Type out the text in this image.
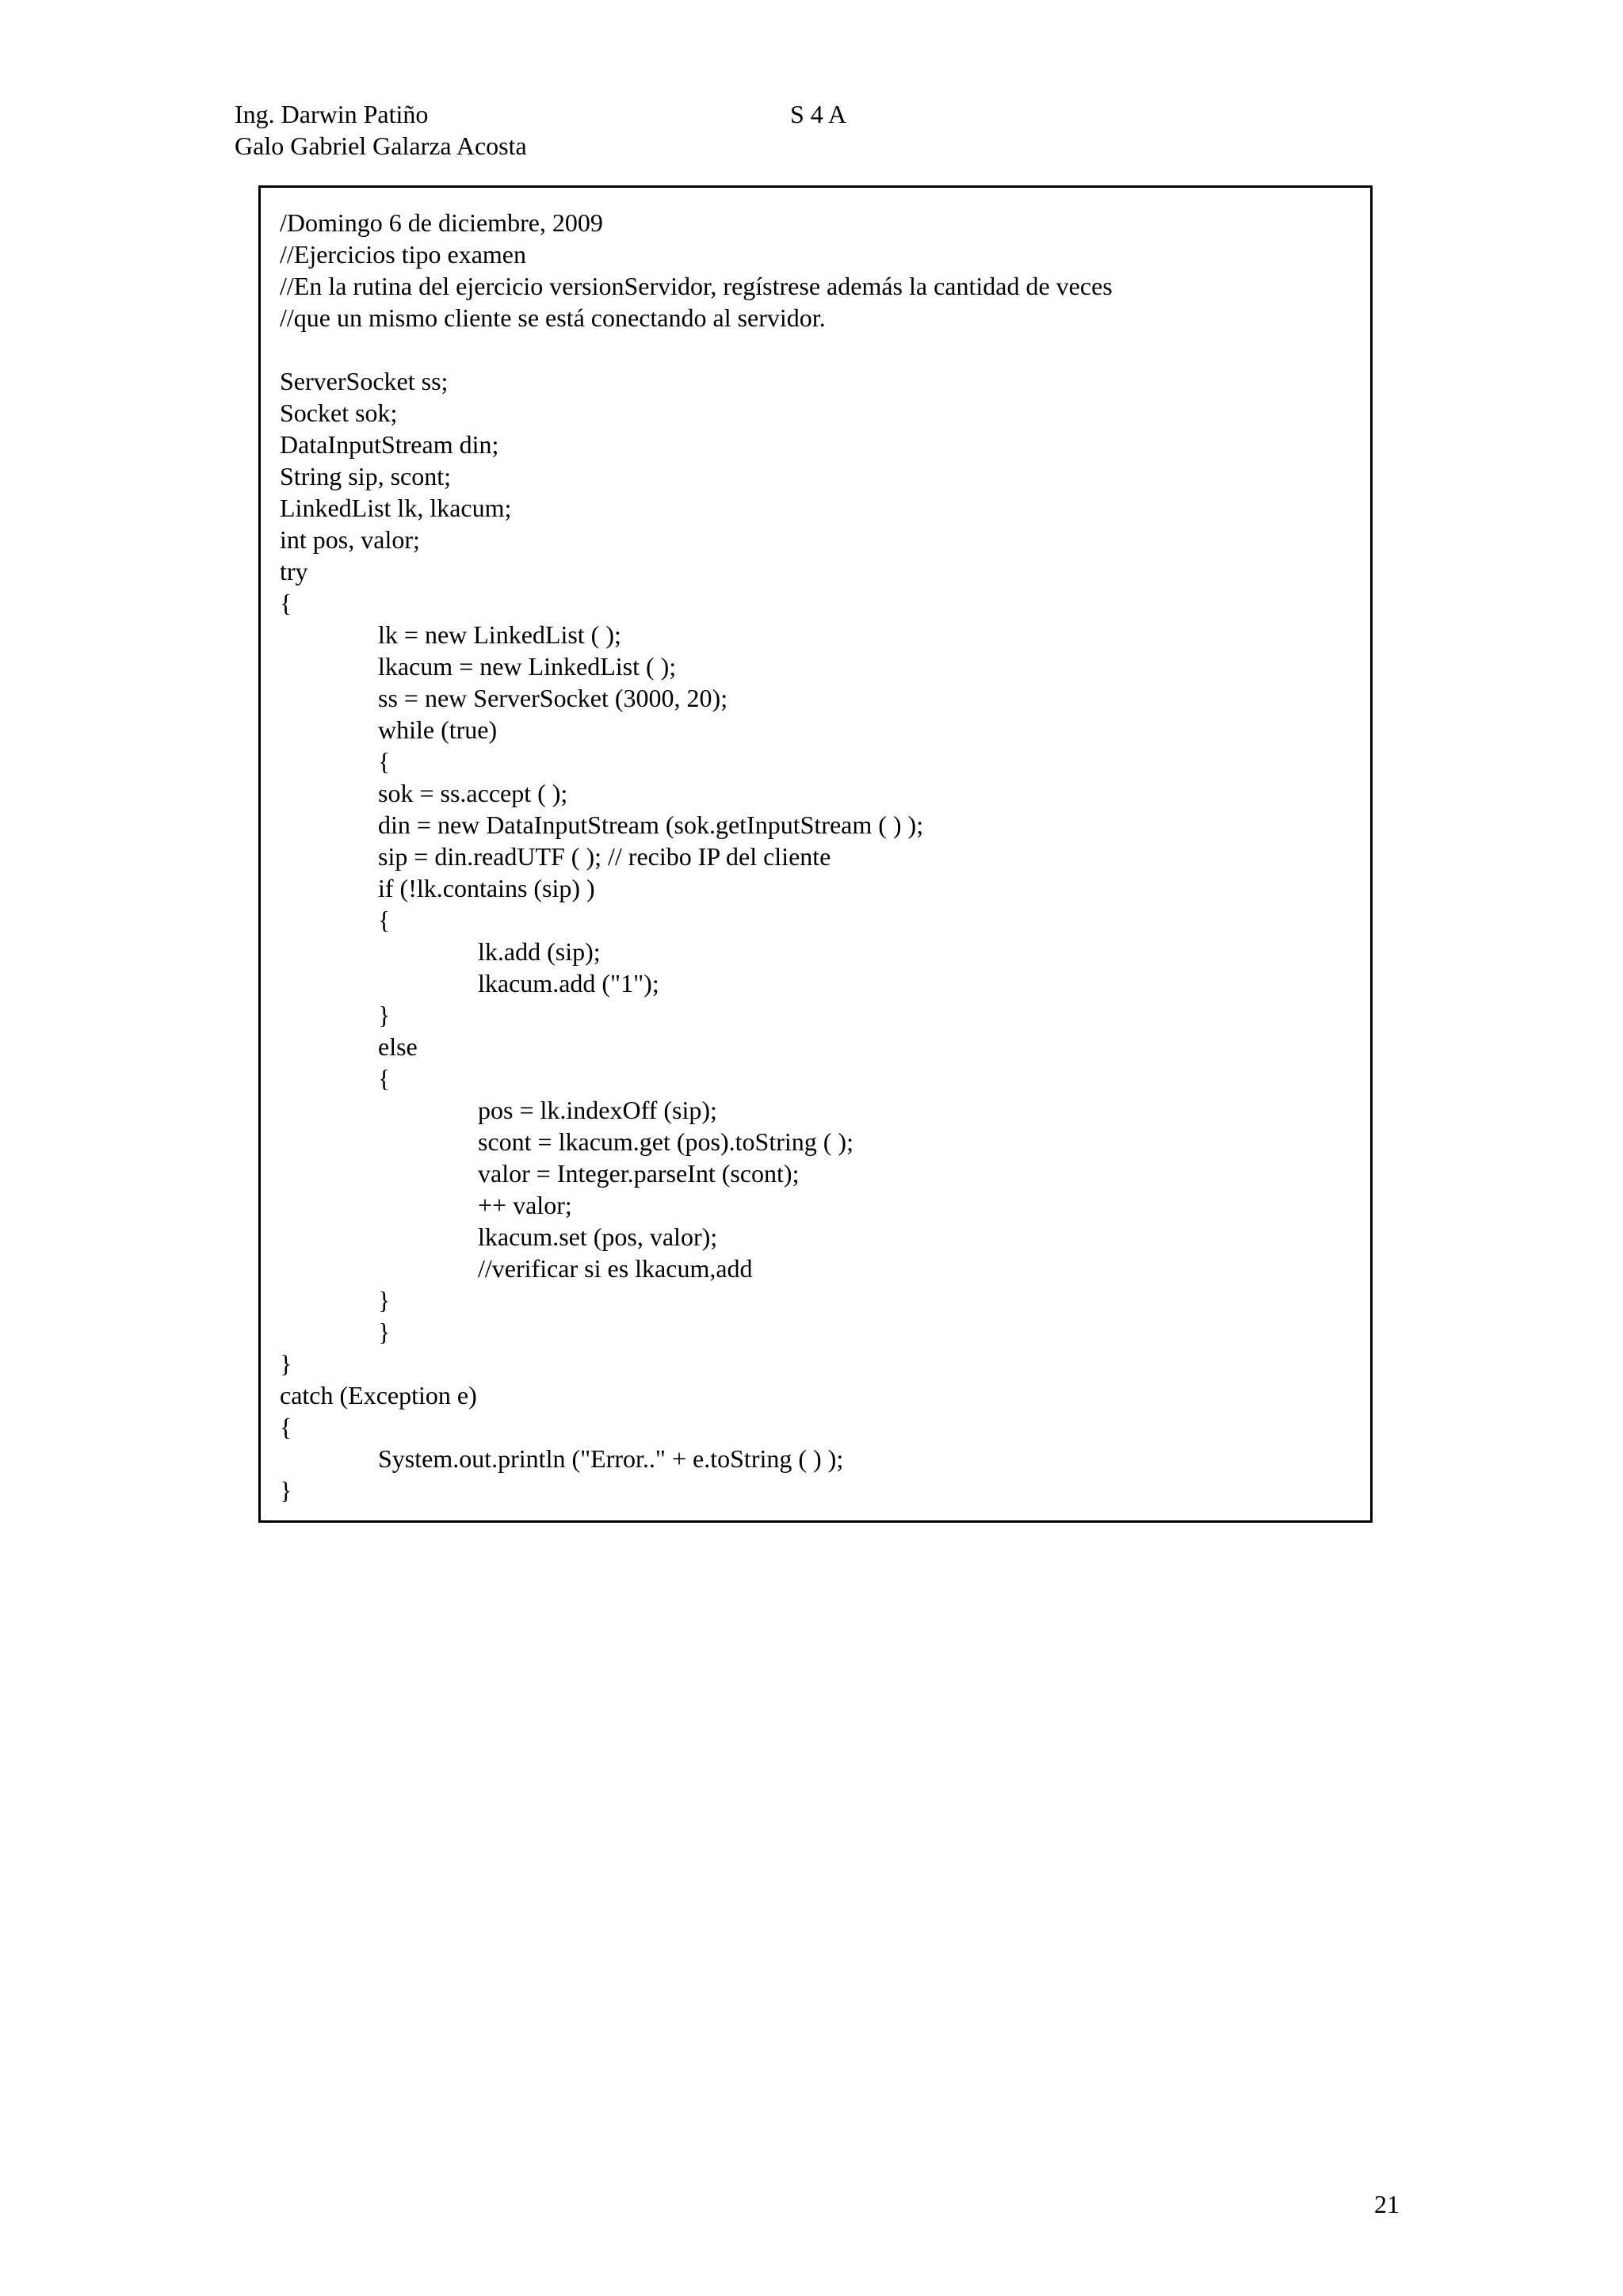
Ing. Darwin Patiño
Galo Gabriel Galarza Acosta
S 4 A
/Domingo 6 de diciembre, 2009
//Ejercicios tipo examen
//En la rutina del ejercicio versionServidor, regístrese además la cantidad de veces
//que un mismo cliente se está conectando al servidor.
ServerSocket ss;
Socket sok;
DataInputStream din;
String sip, scont;
LinkedList lk, lkacum;
int pos, valor;
try
{
lk = new LinkedList ( );
lkacum = new LinkedList ( );
ss = new ServerSocket (3000, 20);
while (true)
{
sok = ss.accept ( );
din = new DataInputStream (sok.getInputStream ( ) );
sip = din.readUTF ( ); // recibo IP del cliente
if (!lk.contains (sip) )
{
lk.add (sip);
lkacum.add ("1");
}
else
{
pos = lk.indexOff (sip);
scont = lkacum.get (pos).toString ( );
valor = Integer.parseInt (scont);
++ valor;
lkacum.set (pos, valor);
//verificar si es lkacum,add
}
}
}
catch (Exception e)
{
System.out.println ("Error.." + e.toString ( ) );
}
21
